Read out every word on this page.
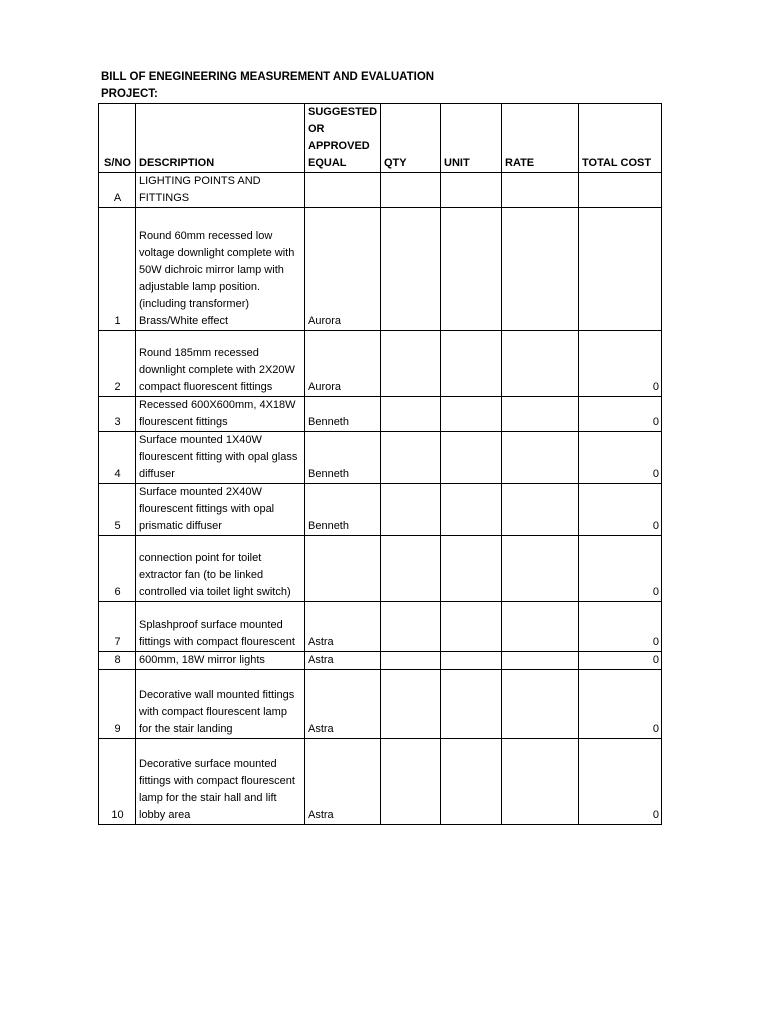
BILL OF ENEGINEERING MEASUREMENT AND EVALUATION
PROJECT:
S/NO	DESCRIPTION	SUGGESTED OR APPROVED EQUAL	QTY	UNIT	RATE	TOTAL COST
A	LIGHTING POINTS AND FITTINGS					
1	Round 60mm recessed low voltage downlight complete with 50W dichroic mirror lamp with adjustable lamp position. (including transformer) Brass/White effect	Aurora				
2	Round 185mm recessed downlight complete with 2X20W compact fluorescent fittings	Aurora				0
3	Recessed 600X600mm, 4X18W flourescent fittings	Benneth				0
4	Surface mounted 1X40W flourescent fitting with opal glass diffuser	Benneth				0
5	Surface mounted 2X40W flourescent fittings with opal prismatic diffuser	Benneth				0
6	connection point for toilet extractor fan (to be linked controlled via toilet light switch)					0
7	Splashproof surface mounted fittings with compact flourescent	Astra				0
8	600mm, 18W mirror lights	Astra				0
9	Decorative wall mounted fittings with compact flourescent lamp for the stair landing	Astra				0
10	Decorative surface mounted fittings with compact flourescent lamp for the stair hall and lift lobby area	Astra				0
